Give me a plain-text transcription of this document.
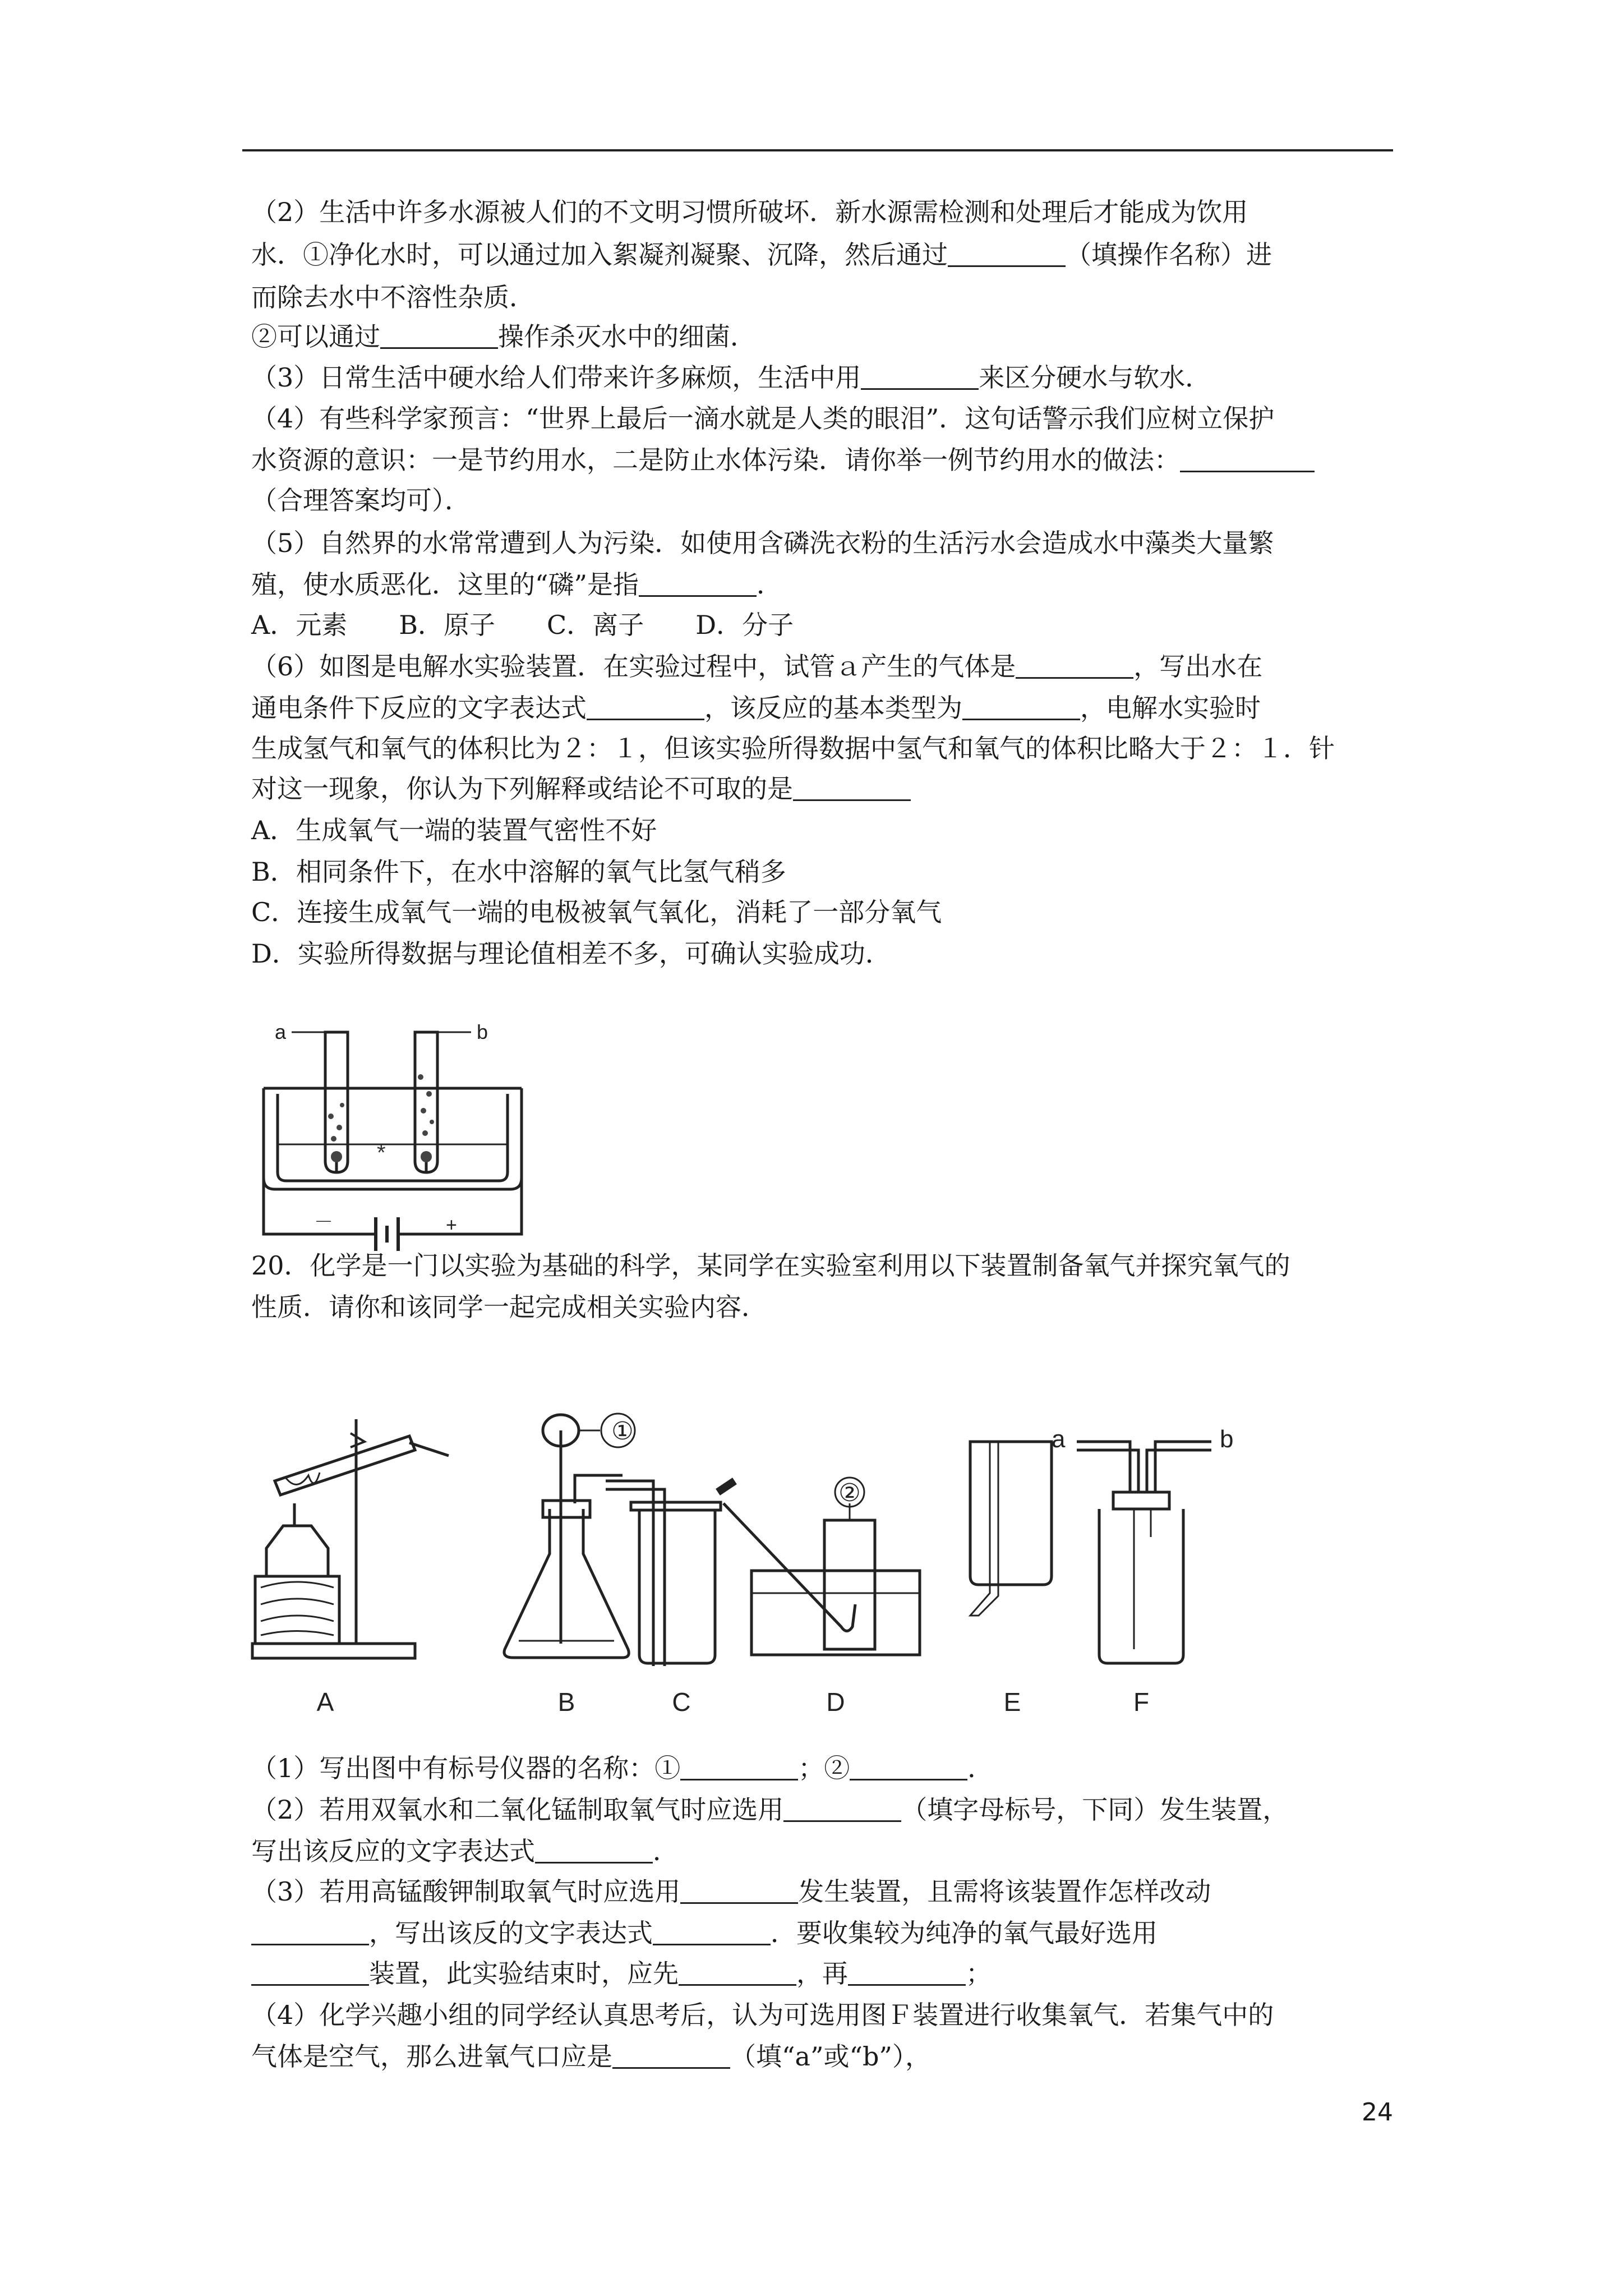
（2）生活中许多水源被人们的不文明习惯所破坏．新水源需检测和处理后才能成为饮用
水．①净化水时，可以通过加入絮凝剂凝聚、沉降，然后通过	（填操作名称）进
而除去水中不溶性杂质．
②可以通过	操作杀灭水中的细菌．
（3）日常生活中硬水给人们带来许多麻烦，生活中用	来区分硬水与软水．
（4）有些科学家预言：“世界上最后一滴水就是人类的眼泪”．这句话警示我们应树立保护
水资源的意识：一是节约用水，二是防止水体污染．请你举一例节约用水的做法：
（合理答案均可）．
（5）自然界的水常常遭到人为污染．如使用含磷洗衣粉的生活污水会造成水中藻类大量繁
殖，使水质恶化．这里的“磷”是指	．
A．元素　　B．原子　　C．离子　　D．分子
（6）如图是电解水实验装置．在实验过程中，试管ａ产生的气体是	，写出水在
通电条件下反应的文字表达式	，该反应的基本类型为	，电解水实验时
生成氢气和氧气的体积比为２：１，但该实验所得数据中氢气和氧气的体积比略大于２：１．针
对这一现象，你认为下列解释或结论不可取的是
A．生成氧气一端的装置气密性不好
B．相同条件下，在水中溶解的氧气比氢气稍多
C．连接生成氧气一端的电极被氧气氧化，消耗了一部分氧气
D．实验所得数据与理论值相差不多，可确认实验成功．
20．化学是一门以实验为基础的科学，某同学在实验室利用以下装置制备氧气并探究氧气的
性质．请你和该同学一起完成相关实验内容．
（1）写出图中有标号仪器的名称：①	；②	．
（2）若用双氧水和二氧化锰制取氧气时应选用	（填字母标号，下同）发生装置，
写出该反应的文字表达式	．
（3）若用高锰酸钾制取氧气时应选用	发生装置，且需将该装置作怎样改动
，写出该反的文字表达式	．要收集较为纯净的氧气最好选用
装置，此实验结束时，应先	，再	；
（4）化学兴趣小组的同学经认真思考后，认为可选用图Ｆ装置进行收集氧气．若集气中的
气体是空气，那么进氧气口应是	（填“a”或“b”），
*
a	b
－	+
①
②
a	b
A	B	C	D	E	F
24
